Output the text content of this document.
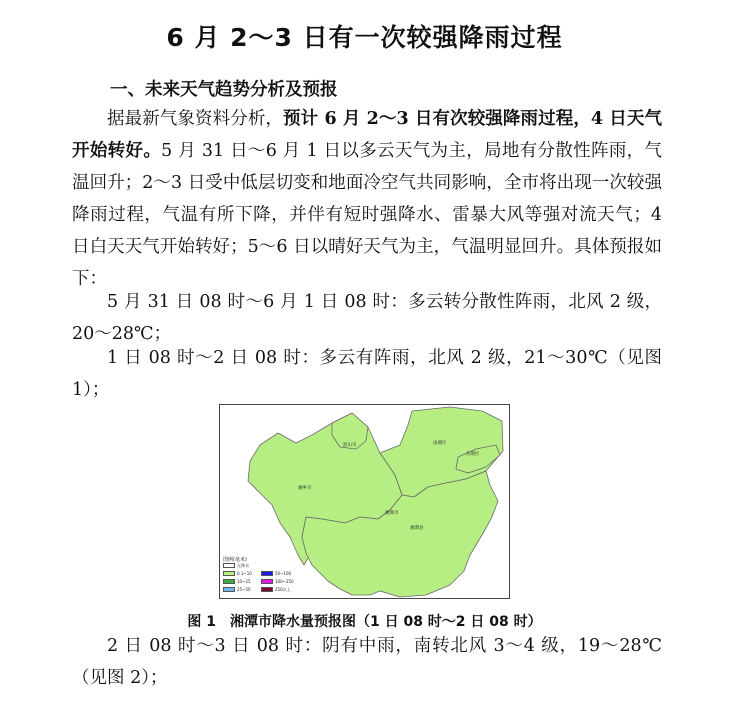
6 月 2～3 日有一次较强降雨过程
一、未来天气趋势分析及预报
据最新气象资料分析，预计 6 月 2～3 日有次较强降雨过程，4 日天气开始转好。5 月 31 日～6 月 1 日以多云天气为主，局地有分散性阵雨，气温回升；2～3 日受中低层切变和地面冷空气共同影响，全市将出现一次较强降雨过程，气温有所下降，并伴有短时强降水、雷暴大风等强对流天气；4 日白天天气开始转好；5～6 日以晴好天气为主，气温明显回升。具体预报如下：
5 月 31 日 08 时～6 月 1 日 08 时：多云转分散性阵雨，北风 2 级，20～28℃；
1 日 08 时～2 日 08 时：多云有阵雨，北风 2 级，21～30℃（见图 1）；
韶山市
湘乡市
湘潭市
湘潭县
雨湖区
岳塘区
图例(毫米)
无降水
0.1~10
10~25
25~50
50~100
100~250
250以上
图 1　湘潭市降水量预报图（1 日 08 时～2 日 08 时）
2 日 08 时～3 日 08 时：阴有中雨，南转北风 3～4 级，19～28℃（见图 2）；
